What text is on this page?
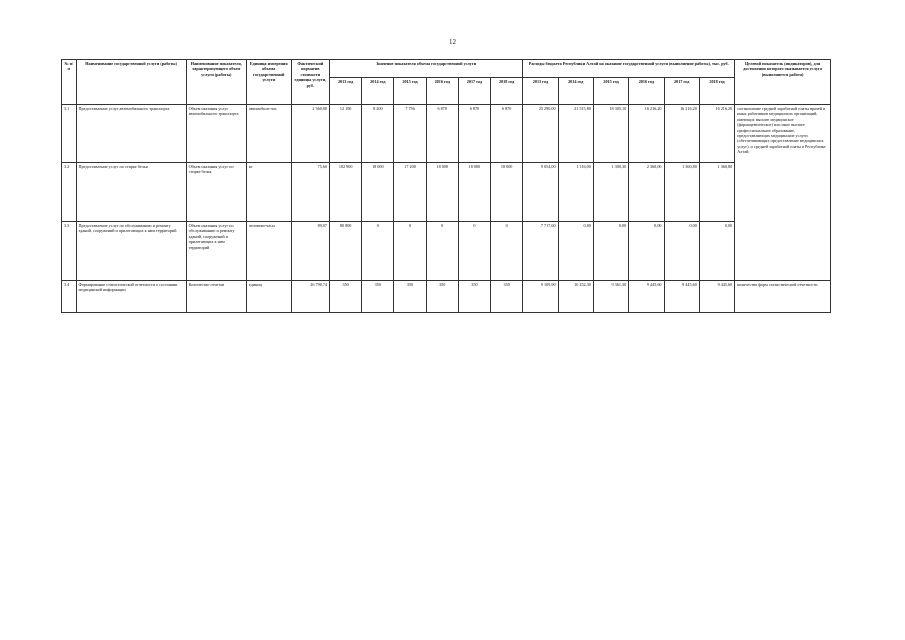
12
№ п/п	Наименование государственной услуги (работы)	Наименование показателя, характеризующего объем услуги (работы)	Единица измерения объема государственной услуги	Фактический норматив стоимости единицы услуги, руб.	Значение показателя объема государственной услуги						Расходы бюджета Республики Алтай на оказание государственной услуги (выполнение работы), тыс. руб.						Целевой показатель (индикаторов), для достижения которого оказывается услуга (выполняется работа)
					2013 год	2014 год	2015 год	2016 год	2017 год	2018 год	2013 год	2014 год	2015 год	2016 год	2017 год	2018 год	
3.1	Предоставление услуг автомобильного транспорта	Объем оказания услуг автомобильного транспорта	автомобиле-час	2 360,00	12 100	8 200	7 756	6 870	6 870	6 870	25 290,00	21 515,80	18 305,10	16 216,20	16 216,20	16 216,20	соотношение средней заработной платы врачей и иных работников медицинских организаций, имеющих высшее медицинское (фармацевтическое) или иное высшее профессиональное образование, предоставляющих медицинские услуги (обеспечивающих предоставление медицинских услуг), и средней заработной платы в Республике Алтай;
3.2	Предоставление услуг по стирке белья	Объем оказания услуг по стирке белья	кг	75,60	102 900	18 000	17 200	18 000	18 000	18 000	9 054,00	1 116,00	1 300,30	2 360,00	1 360,80	1 360,80	
3.3	Предоставление услуг по обслуживанию и ремонту зданий, сооружений и прилегающих к ним территорий	Объем оказания услуг по обслуживанию и ремонту зданий, сооружений и прилегающих к ним территорий	человеко-часы	89,07	80 800	0	0	0	0	0	7 717,60	0,00	0,00	0,00	0,00	0,00	
3.4	Формирование статистической отчетности о состоянии медицинской информации	Количество отчетов	единиц	26 790,74	350	350	350	350	350	350	9 109,90	10 252,30	9 361,30	9 445,60	9 445,60	9 445,60	количество форм статистической отчетности
